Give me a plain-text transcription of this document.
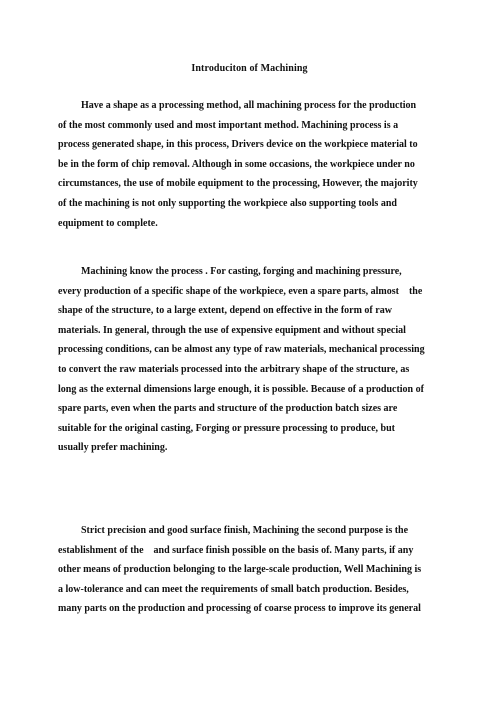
Introduciton of Machining
Have a shape as a processing method, all machining process for the production
of the most commonly used and most important method. Machining process is a
process generated shape, in this process, Drivers device on the workpiece material to
be in the form of chip removal. Although in some occasions, the workpiece under no
circumstances, the use of mobile equipment to the processing, However, the majority
of the machining is not only supporting the workpiece also supporting tools and
equipment to complete.
Machining know the process . For casting, forging and machining pressure,
every production of a specific shape of the workpiece, even a spare parts, almost    the
shape of the structure, to a large extent, depend on effective in the form of raw
materials. In general, through the use of expensive equipment and without special
processing conditions, can be almost any type of raw materials, mechanical processing
to convert the raw materials processed into the arbitrary shape of the structure, as
long as the external dimensions large enough, it is possible. Because of a production of
spare parts, even when the parts and structure of the production batch sizes are
suitable for the original casting, Forging or pressure processing to produce, but
usually prefer machining.
Strict precision and good surface finish, Machining the second purpose is the
establishment of the    and surface finish possible on the basis of. Many parts, if any
other means of production belonging to the large-scale production, Well Machining is
a low-tolerance and can meet the requirements of small batch production. Besides,
many parts on the production and processing of coarse process to improve its general
